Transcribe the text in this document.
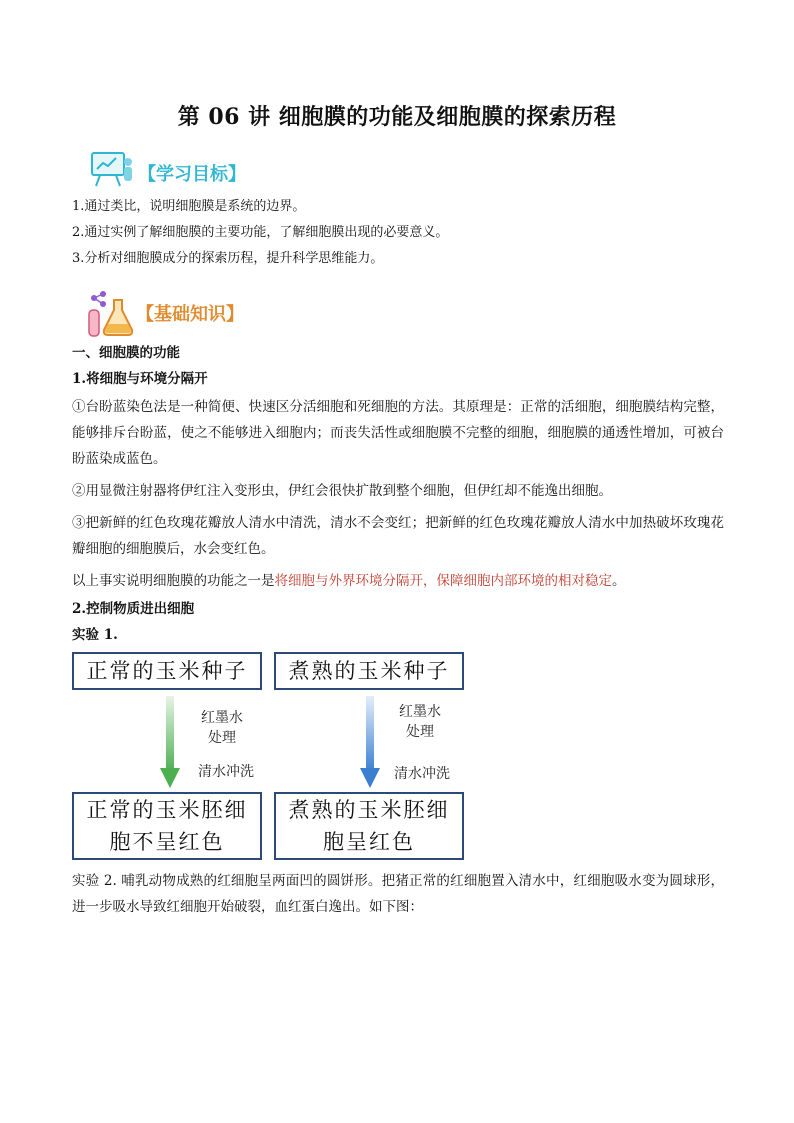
第 06 讲 细胞膜的功能及细胞膜的探索历程
【学习目标】
1.通过类比，说明细胞膜是系统的边界。
2.通过实例了解细胞膜的主要功能，了解细胞膜出现的必要意义。
3.分析对细胞膜成分的探索历程，提升科学思维能力。
【基础知识】
一、细胞膜的功能
1.将细胞与环境分隔开
①台盼蓝染色法是一种简便、快速区分活细胞和死细胞的方法。其原理是：正常的活细胞，细胞膜结构完整，能够排斥台盼蓝，使之不能够进入细胞内；而丧失活性或细胞膜不完整的细胞，细胞膜的通透性增加，可被台盼蓝染成蓝色。
②用显微注射器将伊红注入变形虫，伊红会很快扩散到整个细胞，但伊红却不能逸出细胞。
③把新鲜的红色玫瑰花瓣放人清水中清洗，清水不会变红；把新鲜的红色玫瑰花瓣放人清水中加热破坏玫瑰花瓣细胞的细胞膜后，水会变红色。
以上事实说明细胞膜的功能之一是将细胞与外界环境分隔开，保障细胞内部环境的相对稳定。
2.控制物质进出细胞
实验 1.
正常的玉米种子 煮熟的玉米种子
红墨水
处理
清水冲洗
红墨水
处理
清水冲洗
正常的玉米胚细
胞不呈红色
煮熟的玉米胚细
胞呈红色
实验 2. 哺乳动物成熟的红细胞呈两面凹的圆饼形。把猪正常的红细胞置入清水中，红细胞吸水变为圆球形，进一步吸水导致红细胞开始破裂，血红蛋白逸出。如下图：
